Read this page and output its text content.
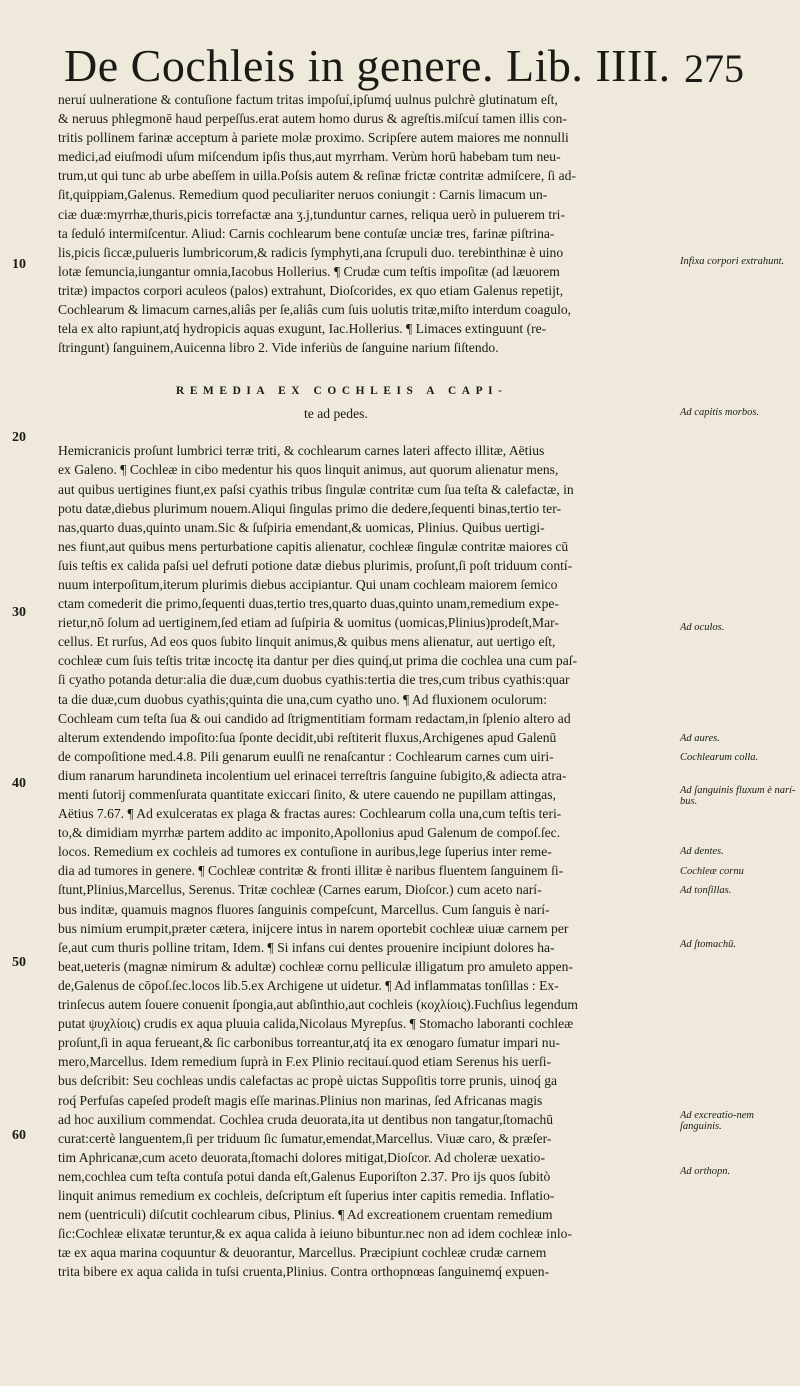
De Cochleis in genere. Lib. IIII. 275
neruí uulneratione & contuſione factum tritas impoſuí,ipſumq́ uulnus pulchrè glutinatum eſt,
& neruus phlegmonē haud perpeſſus.erat autem homo durus & agreſtis.miſcuí tamen illis con-
tritis pollinem farinæ acceptum à pariete molæ proximo. Scripſere autem maiores me nonnulli
medici,ad eiuſmodi uſum miſcendum ipſis thus,aut myrrham. Verùm horū habebam tum neu-
trum,ut qui tunc ab urbe abeſſem in uilla.Poſsis autem & reſinæ frictæ contritæ admiſcere, ſi ad-
ſit,quippiam,Galenus. Remedium quod peculiariter neruos coniungit : Carnis limacum un-
ciæ duæ:myrrhæ,thuris,picis torrefactæ ana ʒ.j,tunduntur carnes, reliqua uerò in puluerem tri-
ta ſeduló intermiſcentur. Aliud: Carnis cochlearum bene contuſæ unciæ tres, farinæ piſtrina-
lis,picis ſiccæ,pulueris lumbricorum,& radicis ſymphyti,ana ſcrupuli duo. terebinthinæ è uino
lotæ ſemuncia,iungantur omnia,Iacobus Hollerius. ¶ Crudæ cum teſtis impoſitæ (ad læuorem
tritæ) impactos corpori aculeos (palos) extrahunt, Dioſcorides, ex quo etiam Galenus repetijt,
Cochlearum & limacum carnes,aliâs per ſe,aliâs cum ſuis uolutis tritæ,miſto interdum coagulo,
tela ex alto rapiunt,atq́ hydropicis aquas exugunt, Iac.Hollerius. ¶ Limaces extinguunt (re-
ſtringunt) ſanguinem,Auicenna libro 2. Vide inferiùs de ſanguine narium ſiſtendo.
REMEDIA EX COCHLEIS A CAPI-
te ad pedes.
Hemicranicis proſunt lumbrici terræ triti, & cochlearum carnes lateri affecto illitæ, Aëtius
ex Galeno. ¶ Cochleæ in cibo medentur his quos linquit animus, aut quorum alienatur mens,
aut quibus uertigines fiunt,ex paſsi cyathis tribus ſingulæ contritæ cum ſua teſta & calefactæ, in
potu datæ,diebus plurimum nouem.Aliqui ſingulas primo die dedere,ſequenti binas,tertio ter-
nas,quarto duas,quinto unam.Sic & ſuſpiria emendant,& uomicas, Plinius. Quibus uertigi-
nes fiunt,aut quibus mens perturbatione capitis alienatur, cochleæ ſingulæ contritæ maiores cū
ſuis teſtis ex calida paſsi uel defruti potione datæ diebus plurimis, proſunt,ſi poſt triduum contí-
nuum interpoſitum,iterum plurimis diebus accipiantur. Qui unam cochleam maiorem ſemico
ctam comederit die primo,ſequenti duas,tertio tres,quarto duas,quinto unam,remedium expe-
rietur,nō ſolum ad uertiginem,ſed etiam ad ſuſpiria & uomitus (uomicas,Plinius)prodeſt,Mar-
cellus. Et rurſus, Ad eos quos ſubito linquit animus,& quibus mens alienatur, aut uertigo eſt,
cochleæ cum ſuis teſtis tritæ incoctę ita dantur per dies quinq́,ut prima die cochlea una cum paſ-
ſi cyatho potanda detur:alia die duæ,cum duobus cyathis:tertia die tres,cum tribus cyathis:quar
ta die duæ,cum duobus cyathis;quinta die una,cum cyatho uno. ¶ Ad fluxionem oculorum:
Cochleam cum teſta ſua & oui candido ad ſtrigmentitiam formam redactam,in ſplenio altero ad
alterum extendendo impoſito:ſua ſponte decidit,ubi reſtiterit fluxus,Archigenes apud Galenū
de compoſitione med.4.8. Pili genarum euulſi ne renaſcantur : Cochlearum carnes cum uiri-
dium ranarum harundineta incolentium uel erinacei terreſtris ſanguine ſubigito,& adiecta atra-
menti ſutorij commenſurata quantitate exiccari ſinito, & utere cauendo ne pupillam attingas,
Aëtius 7.67. ¶ Ad exulceratas ex plaga & fractas aures: Cochlearum colla una,cum teſtis teri-
to,& dimidiam myrrhæ partem addito ac imponito,Apollonius apud Galenum de compoſ.ſec.
locos. Remedium ex cochleis ad tumores ex contuſione in auribus,lege ſuperius inter reme-
dia ad tumores in genere. ¶ Cochleæ contritæ & fronti illitæ è naribus fluentem ſanguinem ſi-
ſtunt,Plinius,Marcellus, Serenus. Tritæ cochleæ (Carnes earum, Dioſcor.) cum aceto narí-
bus inditæ, quamuis magnos fluores ſanguinis compeſcunt, Marcellus. Cum ſanguis è narí-
bus nimium erumpit,præter cætera, inijcere intus in narem oportebit cochleæ uiuæ carnem per
ſe,aut cum thuris polline tritam, Idem. ¶ Si infans cui dentes prouenire incipiunt dolores ha-
beat,ueteris (magnæ nimirum & adultæ) cochleæ cornu pelliculæ illigatum pro amuleto appen-
de,Galenus de cōpoſ.ſec.locos lib.5.ex Archigene ut uidetur. ¶ Ad inflammatas tonſillas : Ex-
trinſecus autem ſouere conuenit ſpongia,aut abſinthio,aut cochleis (κοχλίοις).Fuchſius legendum
putat ψυχλίοις) crudis ex aqua pluuia calida,Nicolaus Myrepſus. ¶ Stomacho laboranti cochleæ
proſunt,ſi in aqua ferueant,& ſic carbonibus torreantur,atq́ ita ex œnogaro ſumatur impari nu-
mero,Marcellus. Idem remedium ſuprà in F.ex Plinio recitauí.quod etiam Serenus his uerſi-
bus deſcribit: Seu cochleas undis calefactas ac propè uictas Suppoſitis torre prunis, uinoq́ ga
roq́ Perfuſas capeſed prodeſt magis eſſe marinas.Plinius non marinas, ſed Africanas magis
ad hoc auxilium commendat. Cochlea cruda deuorata,ita ut dentibus non tangatur,ſtomachū
curat:certè languentem,ſi per triduum ſic ſumatur,emendat,Marcellus. Viuæ caro, & præſer-
tim Aphricanæ,cum aceto deuorata,ſtomachi dolores mitigat,Dioſcor. Ad choleræ uexatio-
nem,cochlea cum teſta contuſa potui danda eſt,Galenus Euporiſton 2.37. Pro ijs quos ſubitò
linquit animus remedium ex cochleis, deſcriptum eſt ſuperius inter capitis remedia. Inflatio-
nem (uentriculi) diſcutit cochlearum cibus, Plinius. ¶ Ad excreationem cruentam remedium
ſic:Cochleæ elixatæ teruntur,& ex aqua calida à ieiuno bibuntur.nec non ad idem cochleæ inlo-
tæ ex aqua marina coquuntur & deuorantur, Marcellus. Præcipiunt cochleæ crudæ carnem
trita bibere ex aqua calida in tuſsi cruenta,Plinius. Contra orthopnœas ſanguinemq́ expuen-
10
20
30
40
50
60
Infixa corpori extrahunt.
Ad capitis morbos.
Ad oculos.
Ad aures.
Cochlearum colla.
Ad ſanguinis fluxum è narí-bus.
Ad dentes.
Cochleæ cornu
Ad tonſillas.
Ad ſtomachū.
Ad excreatio-nem ſanguinis.
Ad orthopn.
